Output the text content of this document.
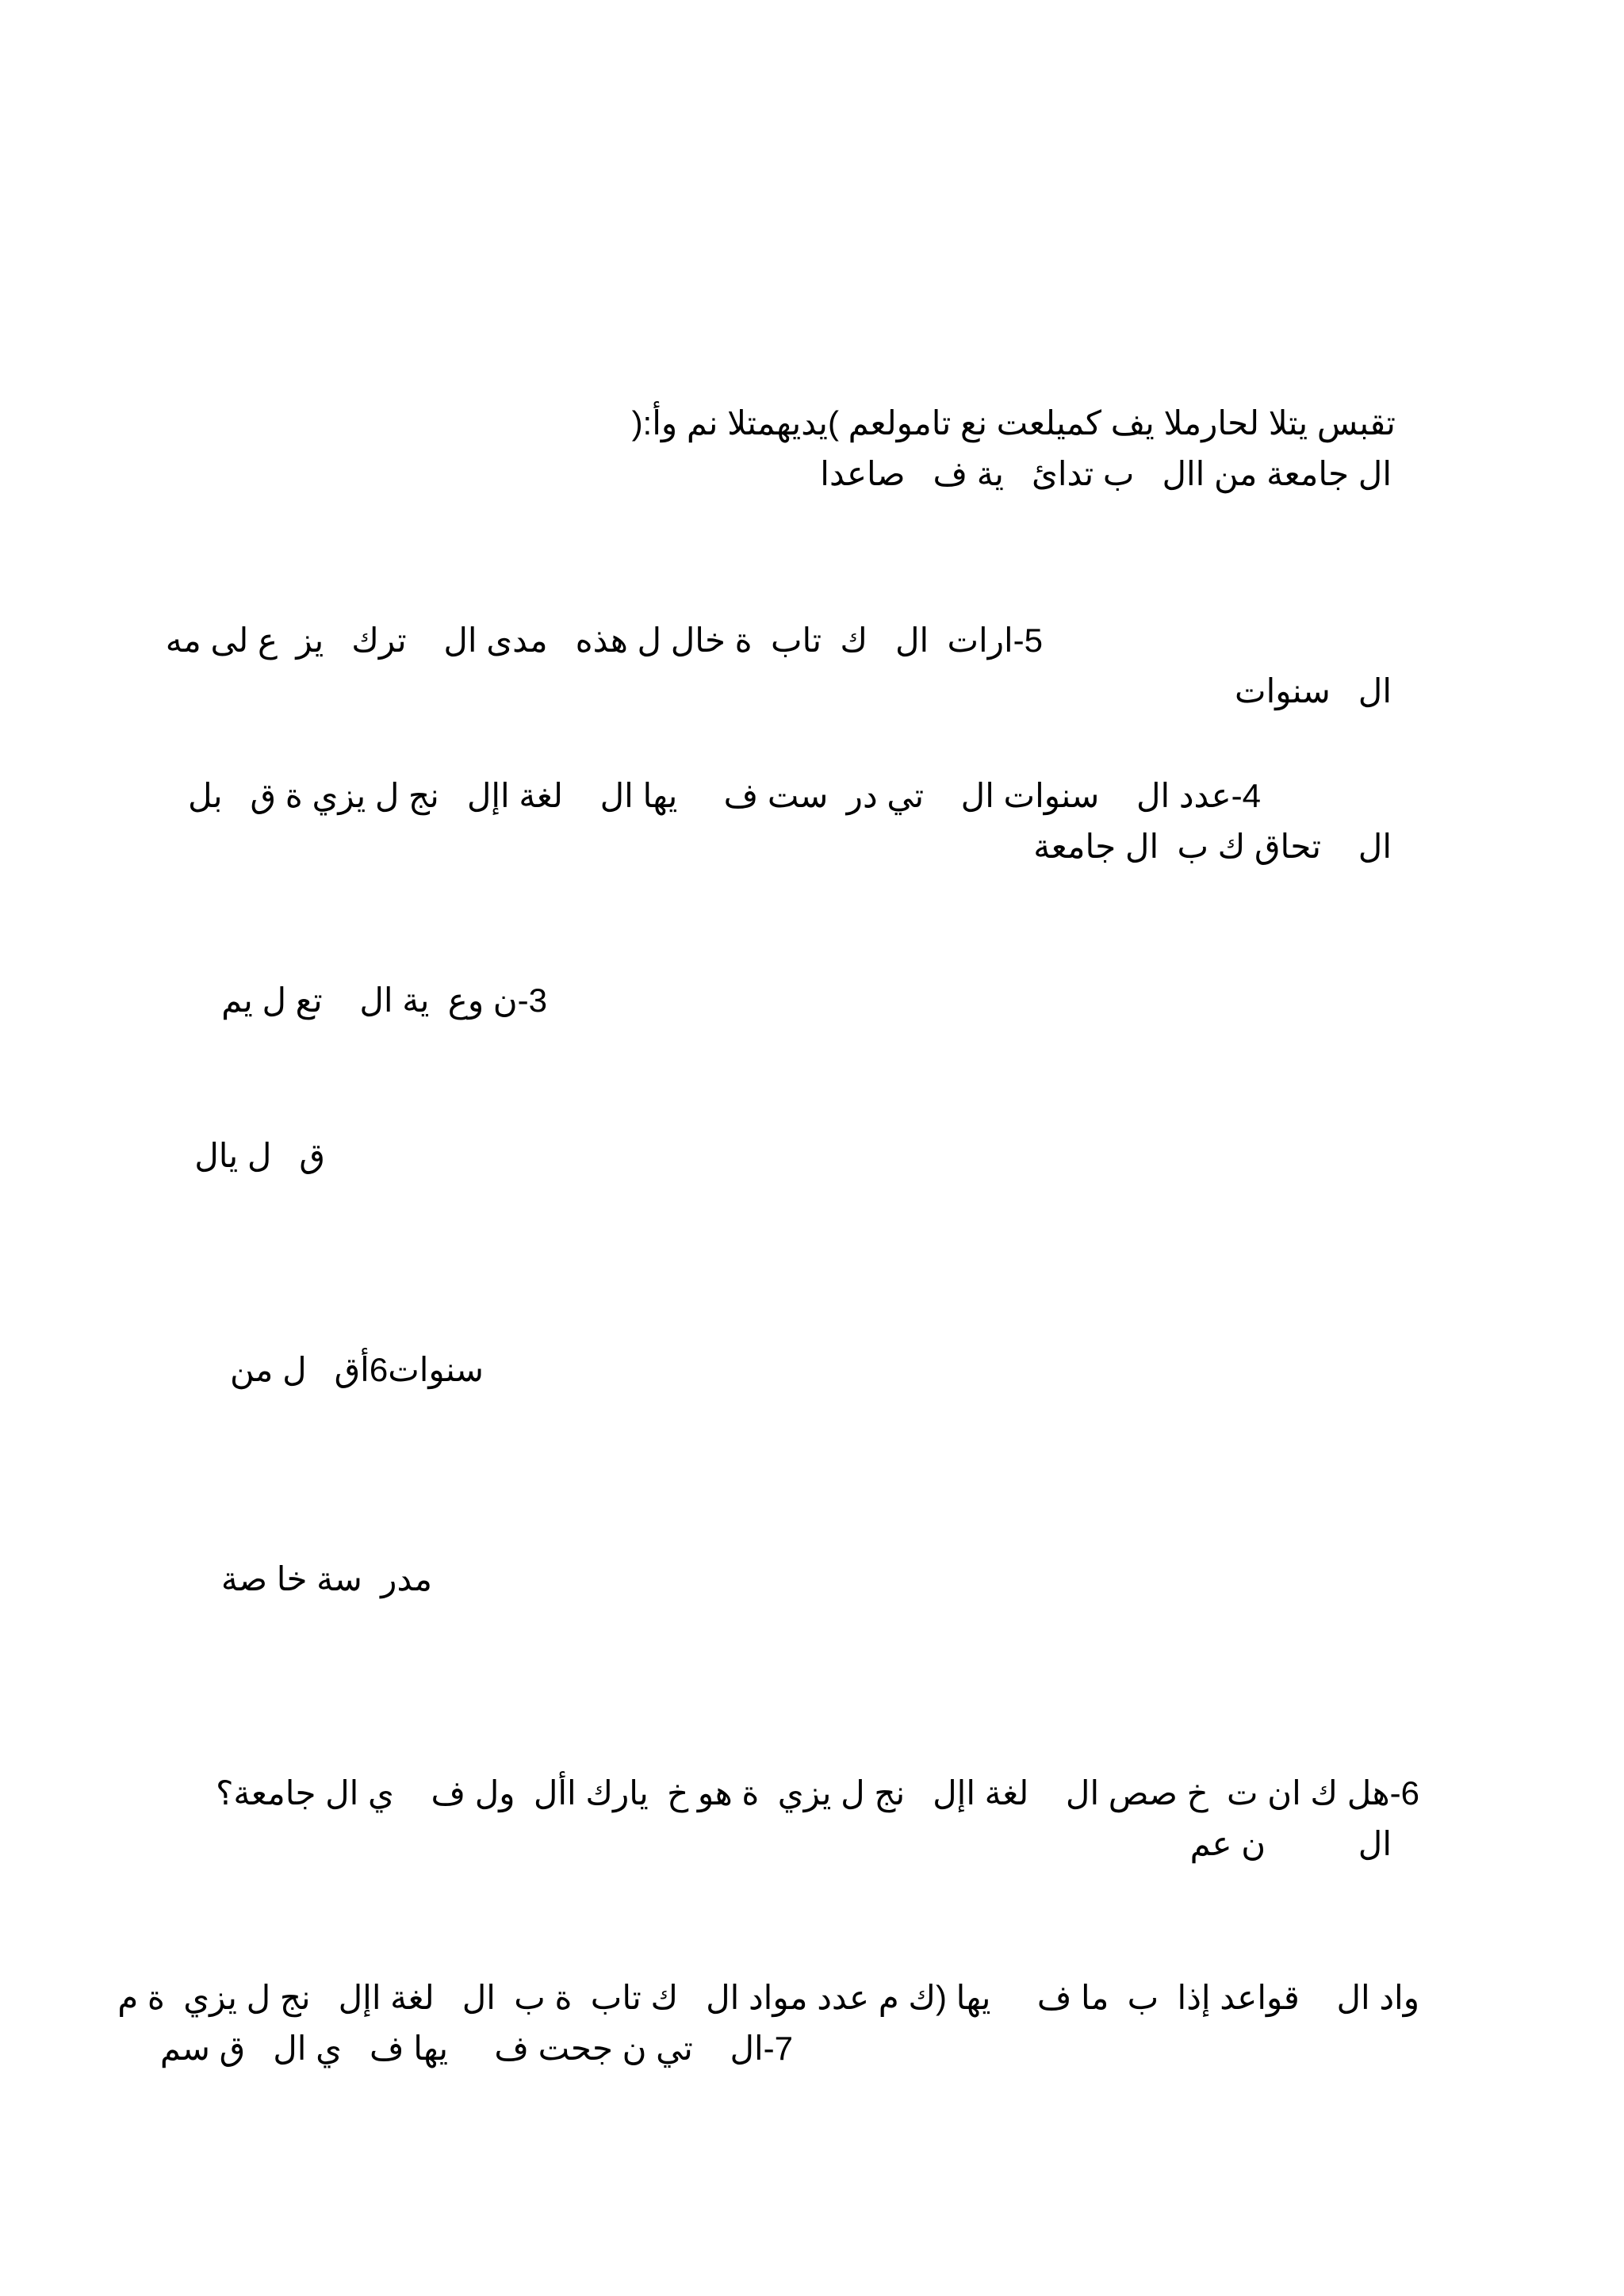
تقبس يتلا لحارملا يف كميلعت نع تامولعم )يديهمتلا نم وأ:(
ال جامعة من اال   ب تدائ   ية ف   صاعدا
5-ارات  ال   ك  تاب  ة خال ل هذه   مدى ال    ترك   يز  ع لى مه
ال   سنوات
4-عدد ال    سنوات ال    تي در  ست ف     يها ال    لغة اإل   نج ل يزي ة ق   بل
ال    تحاق ك ب  ال جامعة
3-ن وع  ية ال    تع ل يم
ق   ل يال
سنوات6أق   ل من
مدر  سة خا صة
6-هل ك ان ت  خ صص ال    لغة اإل   نج ل يزي  ة هو خ  يارك األ  ول ف    ي ال جامعة؟
ال          ن عم
واد ال    قواعد إذا  ب  ما ف     يها (ك م عدد مواد ال   ك تاب  ة ب  ال   لغة اإل   نج ل يزي  ة م
7-ال    تي ن جحت ف     يها ف   ي ال   ق سم
